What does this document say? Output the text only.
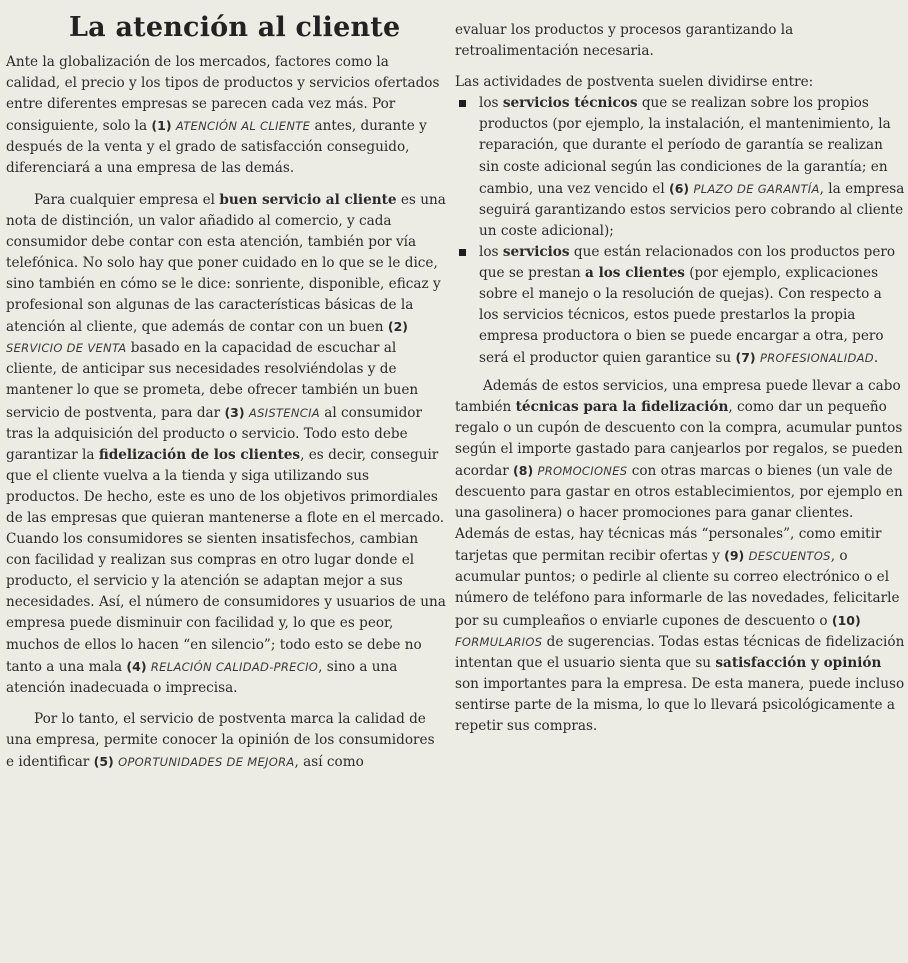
La atención al cliente

Ante la globalización de los mercados, factores como la calidad, el precio y los tipos de productos y servicios ofertados entre diferentes empresas se parecen cada vez más. Por consiguiente, solo la (1) ATENCIÓN AL CLIENTE antes, durante y después de la venta y el grado de satisfacción conseguido, diferenciará a una empresa de las demás.

Para cualquier empresa el buen servicio al cliente es una nota de distinción, un valor añadido al comercio, y cada consumidor debe contar con esta atención, también por vía telefónica. No solo hay que poner cuidado en lo que se le dice, sino también en cómo se le dice: sonriente, disponible, eficaz y profesional son algunas de las características básicas de la atención al cliente, que además de contar con un buen (2) SERVICIO DE VENTA basado en la capacidad de escuchar al cliente, de anticipar sus necesidades resolviéndolas y de mantener lo que se prometa, debe ofrecer también un buen servicio de postventa, para dar (3) ASISTENCIA al consumidor tras la adquisición del producto o servicio. Todo esto debe garantizar la fidelización de los clientes, es decir, conseguir que el cliente vuelva a la tienda y siga utilizando sus productos. De hecho, este es uno de los objetivos primordiales de las empresas que quieran mantenerse a flote en el mercado. Cuando los consumidores se sienten insatisfechos, cambian con facilidad y realizan sus compras en otro lugar donde el producto, el servicio y la atención se adaptan mejor a sus necesidades. Así, el número de consumidores y usuarios de una empresa puede disminuir con facilidad y, lo que es peor, muchos de ellos lo hacen “en silencio”; todo esto se debe no tanto a una mala (4) RELACIÓN CALIDAD-PRECIO, sino a una atención inadecuada o imprecisa.

Por lo tanto, el servicio de postventa marca la calidad de una empresa, permite conocer la opinión de los consumidores e identificar (5) OPORTUNIDADES DE MEJORA, así como

evaluar los productos y procesos garantizando la retroalimentación necesaria.

Las actividades de postventa suelen dividirse entre:

los servicios técnicos que se realizan sobre los propios productos (por ejemplo, la instalación, el mantenimiento, la reparación, que durante el período de garantía se realizan sin coste adicional según las condiciones de la garantía; en cambio, una vez vencido el (6) PLAZO DE GARANTÍA, la empresa seguirá garantizando estos servicios pero cobrando al cliente un coste adicional);
los servicios que están relacionados con los productos pero que se prestan a los clientes (por ejemplo, explicaciones sobre el manejo o la resolución de quejas). Con respecto a los servicios técnicos, estos puede prestarlos la propia empresa productora o bien se puede encargar a otra, pero será el productor quien garantice su (7) PROFESIONALIDAD.

Además de estos servicios, una empresa puede llevar a cabo también técnicas para la fidelización, como dar un pequeño regalo o un cupón de descuento con la compra, acumular puntos según el importe gastado para canjearlos por regalos, se pueden acordar (8) PROMOCIONES con otras marcas o bienes (un vale de descuento para gastar en otros establecimientos, por ejemplo en una gasolinera) o hacer promociones para ganar clientes. Además de estas, hay técnicas más “personales”, como emitir tarjetas que permitan recibir ofertas y (9) DESCUENTOS, o acumular puntos; o pedirle al cliente su correo electrónico o el número de teléfono para informarle de las novedades, felicitarle por su cumpleaños o enviarle cupones de descuento o (10) FORMULARIOS de sugerencias. Todas estas técnicas de fidelización intentan que el usuario sienta que su satisfacción y opinión son importantes para la empresa. De esta manera, puede incluso sentirse parte de la misma, lo que lo llevará psicológicamente a repetir sus compras.
